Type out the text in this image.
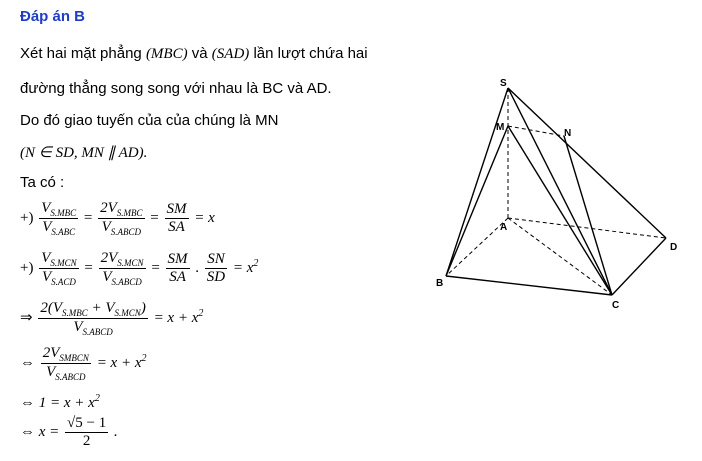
Đáp án B
Xét hai mặt phẳng (MBC) và (SAD) lần lượt chứa hai
đường thẳng song song với nhau là BC và AD.
Do đó giao tuyến của của chúng là MN
(N ∈ SD, MN ∥ AD).
Ta có :
+) $\frac{V_{S.MBC}}{V_{S.ABC}} = \frac{2V_{S.MBC}}{V_{S.ABCD}} = \frac{SM}{SA} = x$
+) $\frac{V_{S.MCN}}{V_{S.ACD}} = \frac{2V_{S.MCN}}{V_{S.ABCD}} = \frac{SM}{SA}$ . $\frac{SN}{SD} = x^2$
⇒ $\frac{2(V_{S.MBC} + V_{S.MCN})}{V_{S.ABCD}} = x + x^2$
⇔ $\frac{2V_{SMBCN}}{V_{S.ABCD}} = x + x^2$
⇔ $1 = x + x^2$
⇔ $x = \frac{√5 - 1}{2}$ .
S
M
N
A
B
C
D
